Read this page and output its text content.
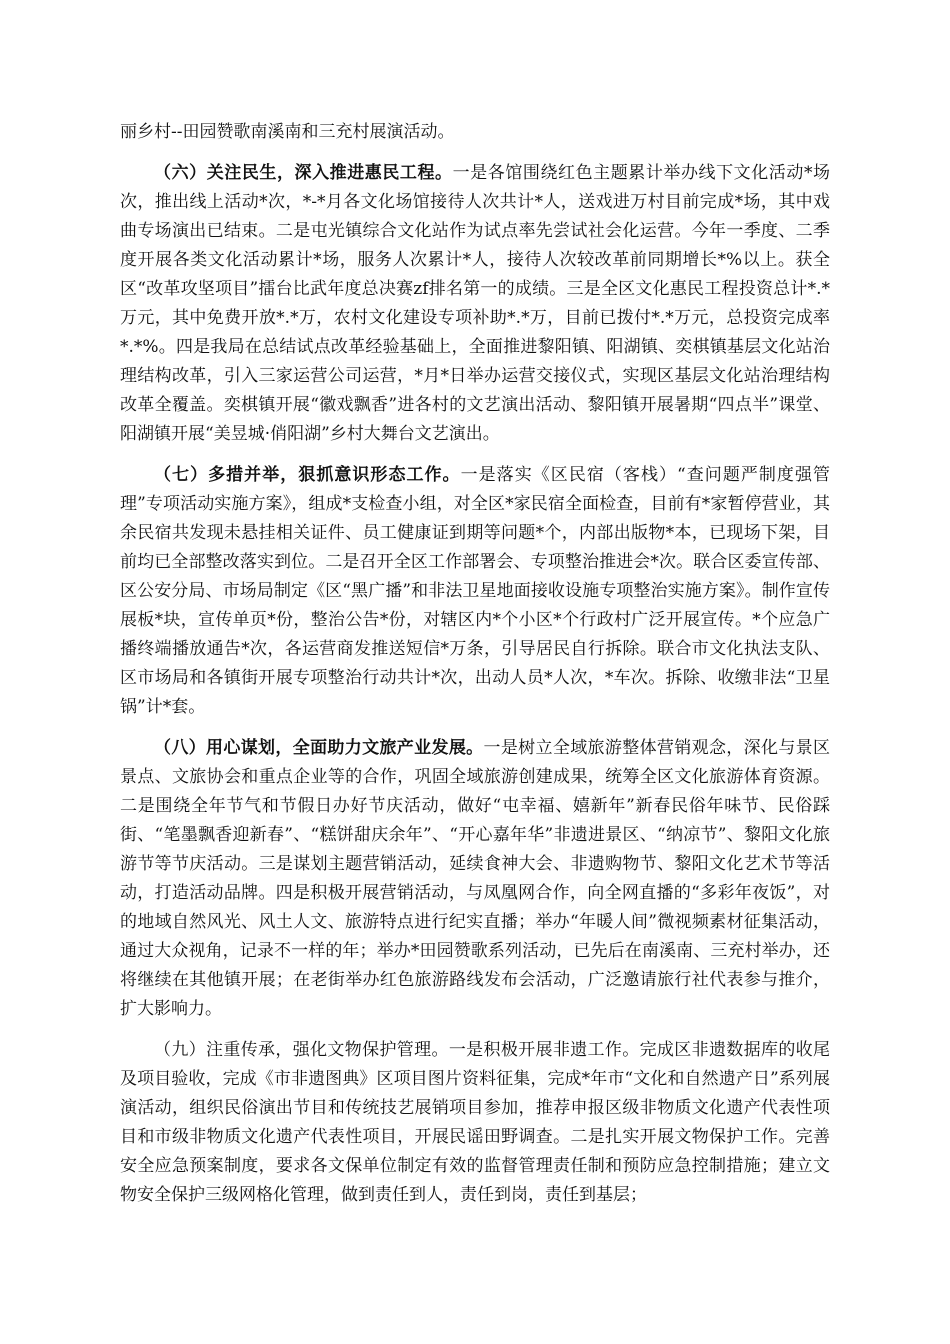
丽乡村--田园赞歌南溪南和三充村展演活动。

（六）关注民生，深入推进惠民工程。一是各馆围绕红色主题累计举办线下文化活动*场次，推出线上活动*次，*-*月各文化场馆接待人次共计*人，送戏进万村目前完成*场，其中戏曲专场演出已结束。二是屯光镇综合文化站作为试点率先尝试社会化运营。今年一季度、二季度开展各类文化活动累计*场，服务人次累计*人，接待人次较改革前同期增长*%以上。获全区“改革攻坚项目”擂台比武年度总决赛zf排名第一的成绩。三是全区文化惠民工程投资总计*.*万元，其中免费开放*.*万，农村文化建设专项补助*.*万，目前已拨付*.*万元，总投资完成率*.*%。四是我局在总结试点改革经验基础上，全面推进黎阳镇、阳湖镇、奕棋镇基层文化站治理结构改革，引入三家运营公司运营，*月*日举办运营交接仪式，实现区基层文化站治理结构改革全覆盖。奕棋镇开展“徽戏飘香”进各村的文艺演出活动、黎阳镇开展暑期“四点半”课堂、阳湖镇开展“美昱城·俏阳湖”乡村大舞台文艺演出。

（七）多措并举，狠抓意识形态工作。一是落实《区民宿（客栈）“查问题严制度强管理”专项活动实施方案》，组成*支检查小组，对全区*家民宿全面检查，目前有*家暂停营业，其余民宿共发现未悬挂相关证件、员工健康证到期等问题*个，内部出版物*本，已现场下架，目前均已全部整改落实到位。二是召开全区工作部署会、专项整治推进会*次。联合区委宣传部、区公安分局、市场局制定《区“黑广播”和非法卫星地面接收设施专项整治实施方案》。制作宣传展板*块，宣传单页*份，整治公告*份，对辖区内*个小区*个行政村广泛开展宣传。*个应急广播终端播放通告*次，各运营商发推送短信*万条，引导居民自行拆除。联合市文化执法支队、区市场局和各镇街开展专项整治行动共计*次，出动人员*人次，*车次。拆除、收缴非法“卫星锅”计*套。

（八）用心谋划，全面助力文旅产业发展。一是树立全域旅游整体营销观念，深化与景区景点、文旅协会和重点企业等的合作，巩固全域旅游创建成果，统筹全区文化旅游体育资源。二是围绕全年节气和节假日办好节庆活动，做好“屯幸福、嬉新年”新春民俗年味节、民俗踩街、“笔墨飘香迎新春”、“糕饼甜庆余年”、“开心嘉年华”非遗进景区、“纳凉节”、黎阳文化旅游节等节庆活动。三是谋划主题营销活动，延续食神大会、非遗购物节、黎阳文化艺术节等活动，打造活动品牌。四是积极开展营销活动，与凤凰网合作，向全网直播的“多彩年夜饭”，对的地域自然风光、风土人文、旅游特点进行纪实直播；举办“年暖人间”微视频素材征集活动，通过大众视角，记录不一样的年；举办*田园赞歌系列活动，已先后在南溪南、三充村举办，还将继续在其他镇开展；在老街举办红色旅游路线发布会活动，广泛邀请旅行社代表参与推介，扩大影响力。

（九）注重传承，强化文物保护管理。一是积极开展非遗工作。完成区非遗数据库的收尾及项目验收，完成《市非遗图典》区项目图片资料征集，完成*年市“文化和自然遗产日”系列展演活动，组织民俗演出节目和传统技艺展销项目参加，推荐申报区级非物质文化遗产代表性项目和市级非物质文化遗产代表性项目，开展民谣田野调查。二是扎实开展文物保护工作。完善安全应急预案制度，要求各文保单位制定有效的监督管理责任制和预防应急控制措施；建立文物安全保护三级网格化管理，做到责任到人，责任到岗，责任到基层；
